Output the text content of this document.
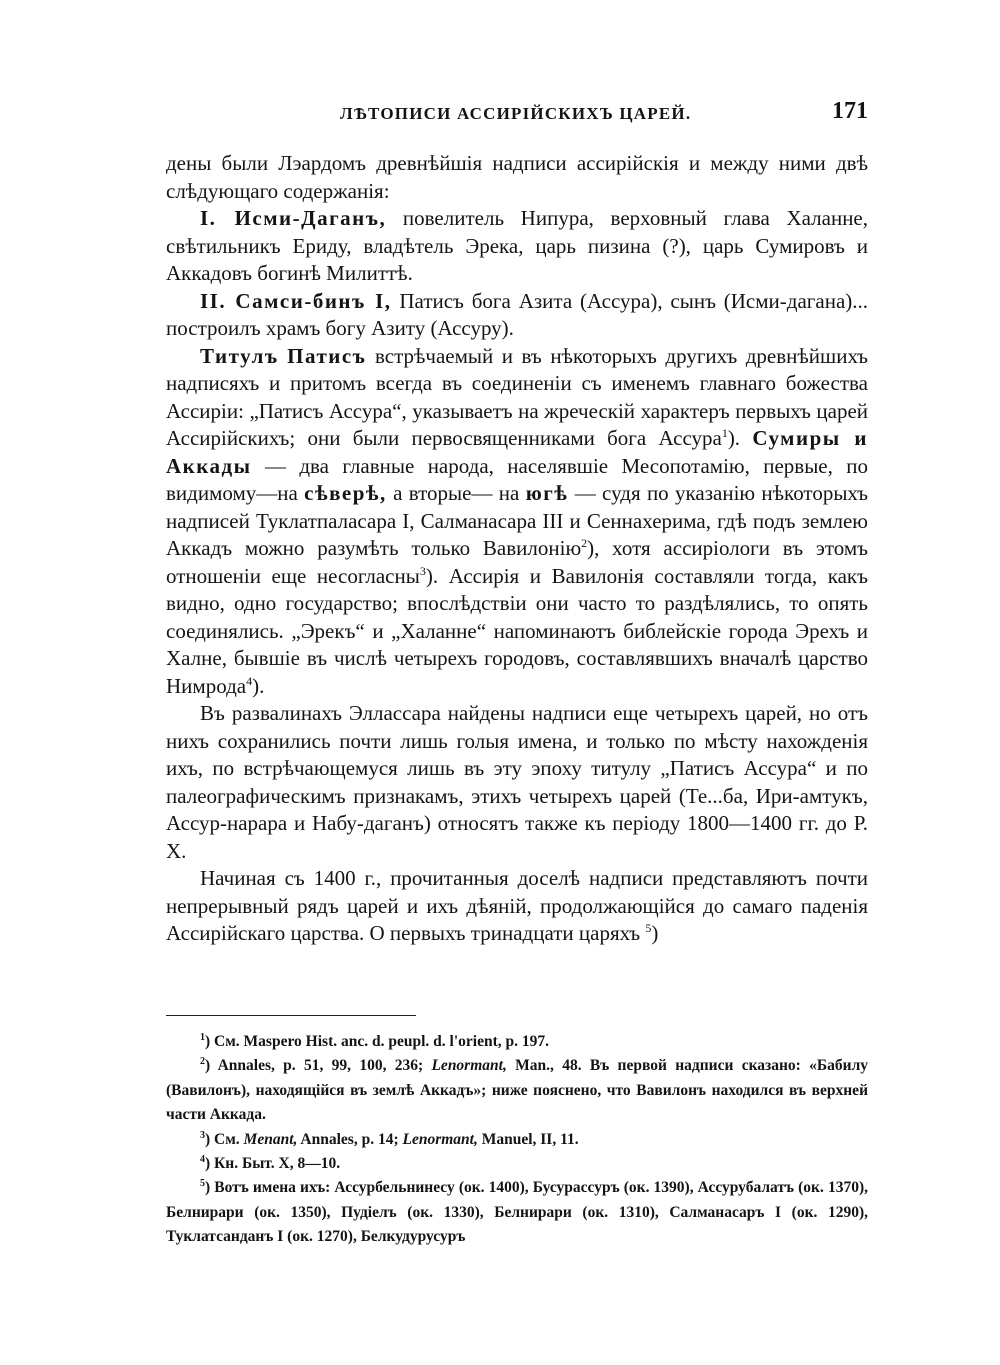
ЛѢТОПИСИ АССИРІЙСКИХЪ ЦАРЕЙ.	171

дены были Лэардомъ древнѣйшія надписи ассирійскія и между ними двѣ слѣдующаго содержанія:

I. Исми-Даганъ, повелитель Нипура, верховный глава Халанне, свѣтильникъ Ериду, владѣтель Эрека, царь пизина (?), царь Сумировъ и Аккадовъ богинѣ Милиттѣ.

II. Самси-бинъ I, Патисъ бога Азита (Ассура), сынъ (Исми-дагана)... построилъ храмъ богу Азиту (Ассуру).

Титулъ Патисъ встрѣчаемый и въ нѣкоторыхъ другихъ древнѣйшихъ надписяхъ и притомъ всегда въ соединеніи съ именемъ главнаго божества Ассиріи: „Патисъ Ассура“, указываетъ на жреческій характеръ первыхъ царей Ассирійскихъ; они были первосвященниками бога Ассура$^1$). Сумиры и Аккады — два главные народа, населявшіе Месопотамію, первые, по видимому—на сѣверѣ, а вторые— на югѣ — судя по указанію нѣкоторыхъ надписей Туклатпаласара I, Салманасара III и Сеннахерима, гдѣ подъ землею Аккадъ можно разумѣть только Вавилонію$^2$), хотя ассиріологи въ этомъ отношеніи еще несогласны$^3$). Ассирія и Вавилонія составляли тогда, какъ видно, одно государство; впослѣдствіи они часто то раздѣлялись, то опять соединялись. „Эрекъ“ и „Халанне“ напоминаютъ библейскіе города Эрехъ и Халне, бывшіе въ числѣ четырехъ городовъ, составлявшихъ вначалѣ царство Нимрода$^4$).

Въ развалинахъ Эллассара найдены надписи еще четырехъ царей, но отъ нихъ сохранились почти лишь голыя имена, и только по мѣсту нахожденія ихъ, по встрѣчающемуся лишь въ эту эпоху титулу „Патисъ Ассура“ и по палеографическимъ признакамъ, этихъ четырехъ царей (Те...ба, Ири-амтукъ, Ассур-нарара и Набу-даганъ) относятъ также къ періоду 1800—1400 гг. до Р. Х.

Начиная съ 1400 г., прочитанныя доселѣ надписи представляютъ почти непрерывный рядъ царей и ихъ дѣяній, продолжающійся до самаго паденія Ассирійскаго царства. О первыхъ тринадцати царяхъ $^5$)

$^1$) См. Maspero Hist. anc. d. peupl. d. l'orient, p. 197.

$^2$) Annales, p. 51, 99, 100, 236; Lenormant, Man., 48. Въ первой надписи сказано: «Бабилу (Вавилонъ), находящійся въ землѣ Аккадъ»; ниже пояснено, что Вавилонъ находился въ верхней части Аккада.

$^3$) См. Menant, Annales, p. 14; Lenormant, Manuel, II, 11.

$^4$) Кн. Быт. X, 8—10.

$^5$) Вотъ имена ихъ: Ассурбельнинесу (ок. 1400), Бусурассуръ (ок. 1390), Ассурубалатъ (ок. 1370), Белнирари (ок. 1350), Пудіелъ (ок. 1330), Белнирари (ок. 1310), Салманасаръ I (ок. 1290), Туклатсанданъ I (ок. 1270), Белкудурусуръ
